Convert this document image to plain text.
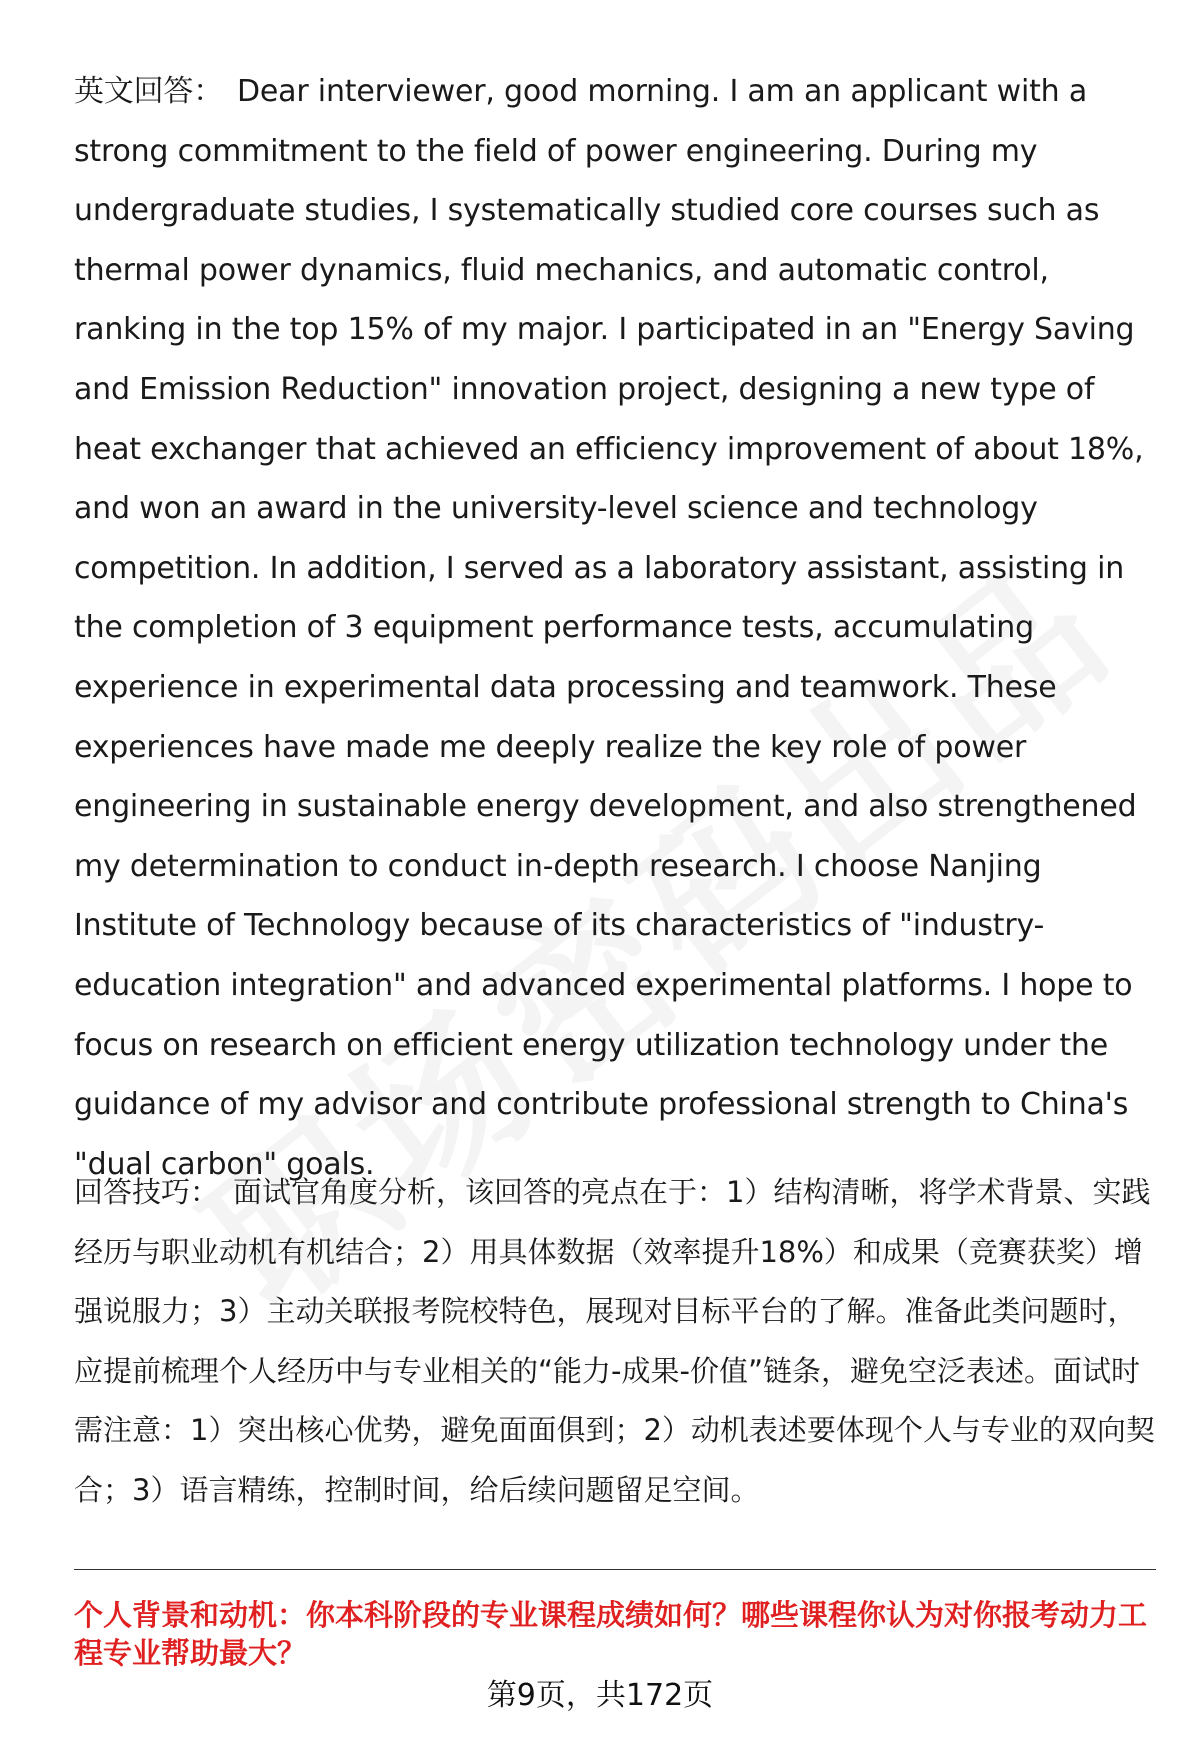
英文回答： Dear interviewer, good morning. I am an applicant with a strong commitment to the field of power engineering. During my undergraduate studies, I systematically studied core courses such as thermal power dynamics, fluid mechanics, and automatic control, ranking in the top 15% of my major. I participated in an "Energy Saving and Emission Reduction" innovation project, designing a new type of heat exchanger that achieved an efficiency improvement of about 18%, and won an award in the university-level science and technology competition. In addition, I served as a laboratory assistant, assisting in the completion of 3 equipment performance tests, accumulating experience in experimental data processing and teamwork. These experiences have made me deeply realize the key role of power engineering in sustainable energy development, and also strengthened my determination to conduct in-depth research. I choose Nanjing Institute of Technology because of its characteristics of "industry-education integration" and advanced experimental platforms. I hope to focus on research on efficient energy utilization technology under the guidance of my advisor and contribute professional strength to China's "dual carbon" goals.
回答技巧： 面试官角度分析，该回答的亮点在于：1）结构清晰，将学术背景、实践经历与职业动机有机结合；2）用具体数据（效率提升18%）和成果（竞赛获奖）增强说服力；3）主动关联报考院校特色，展现对目标平台的了解。准备此类问题时，应提前梳理个人经历中与专业相关的“能力-成果-价值”链条，避免空泛表述。面试时需注意：1）突出核心优势，避免面面俱到；2）动机表述要体现个人与专业的双向契合；3）语言精练，控制时间，给后续问题留足空间。
个人背景和动机：你本科阶段的专业课程成绩如何？哪些课程你认为对你报考动力工程专业帮助最大？
第9页，共172页
